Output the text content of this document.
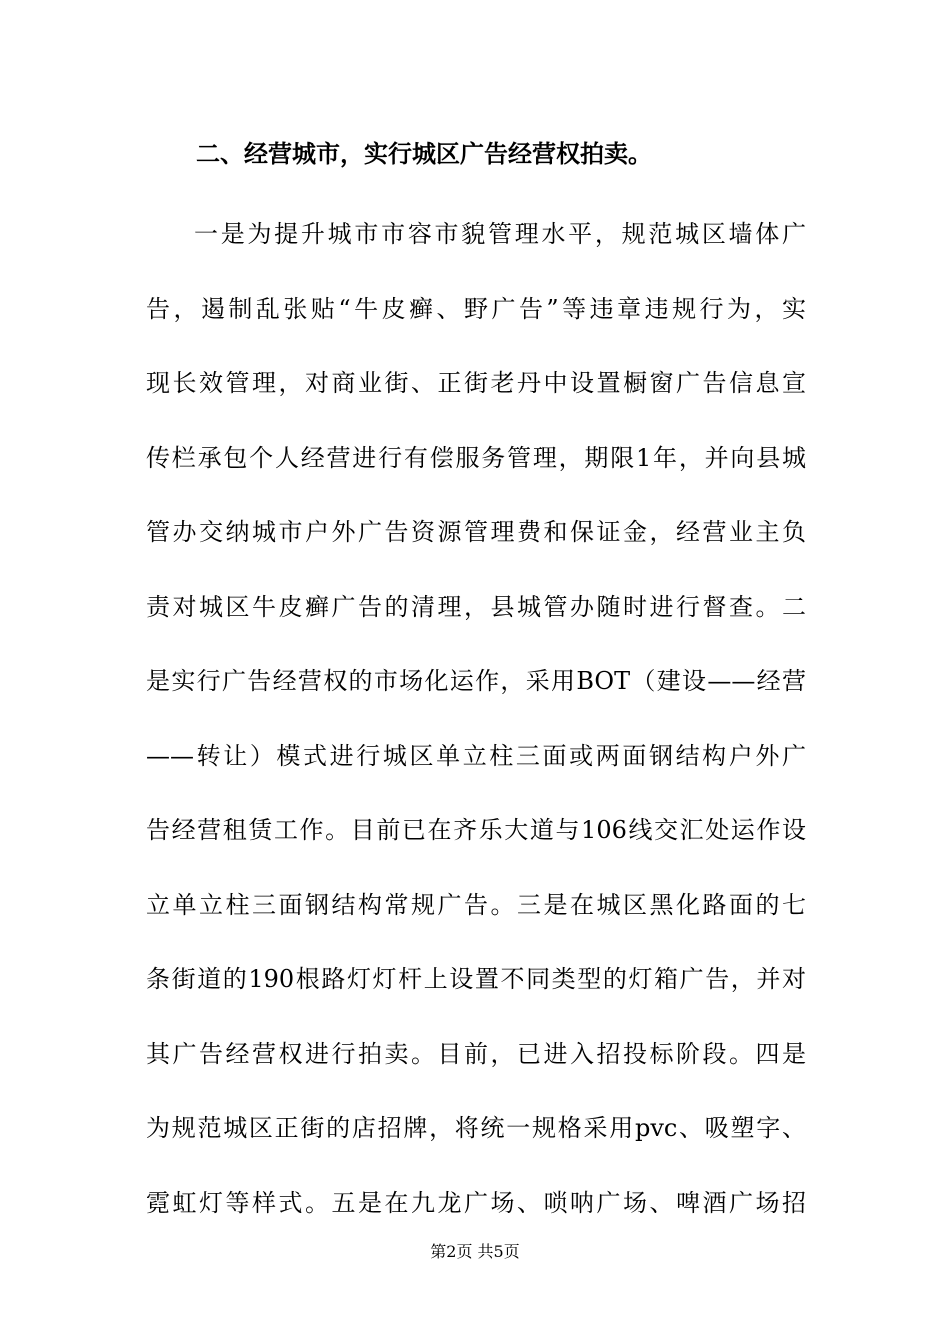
二、经营城市，实行城区广告经营权拍卖。
一是为提升城市市容市貌管理水平，规范城区墙体广
告，遏制乱张贴“牛皮癣、野广告”等违章违规行为，实
现长效管理，对商业街、正街老丹中设置橱窗广告信息宣
传栏承包个人经营进行有偿服务管理，期限1年，并向县城
管办交纳城市户外广告资源管理费和保证金，经营业主负
责对城区牛皮癣广告的清理，县城管办随时进行督查。二
是实行广告经营权的市场化运作，采用BOT（建设——经营
——转让）模式进行城区单立柱三面或两面钢结构户外广
告经营租赁工作。目前已在齐乐大道与106线交汇处运作设
立单立柱三面钢结构常规广告。三是在城区黑化路面的七
条街道的190根路灯灯杆上设置不同类型的灯箱广告，并对
其广告经营权进行拍卖。目前，已进入招投标阶段。四是
为规范城区正街的店招牌，将统一规格采用pvc、吸塑字、
霓虹灯等样式。五是在九龙广场、唢呐广场、啤酒广场招
第2页 共5页
